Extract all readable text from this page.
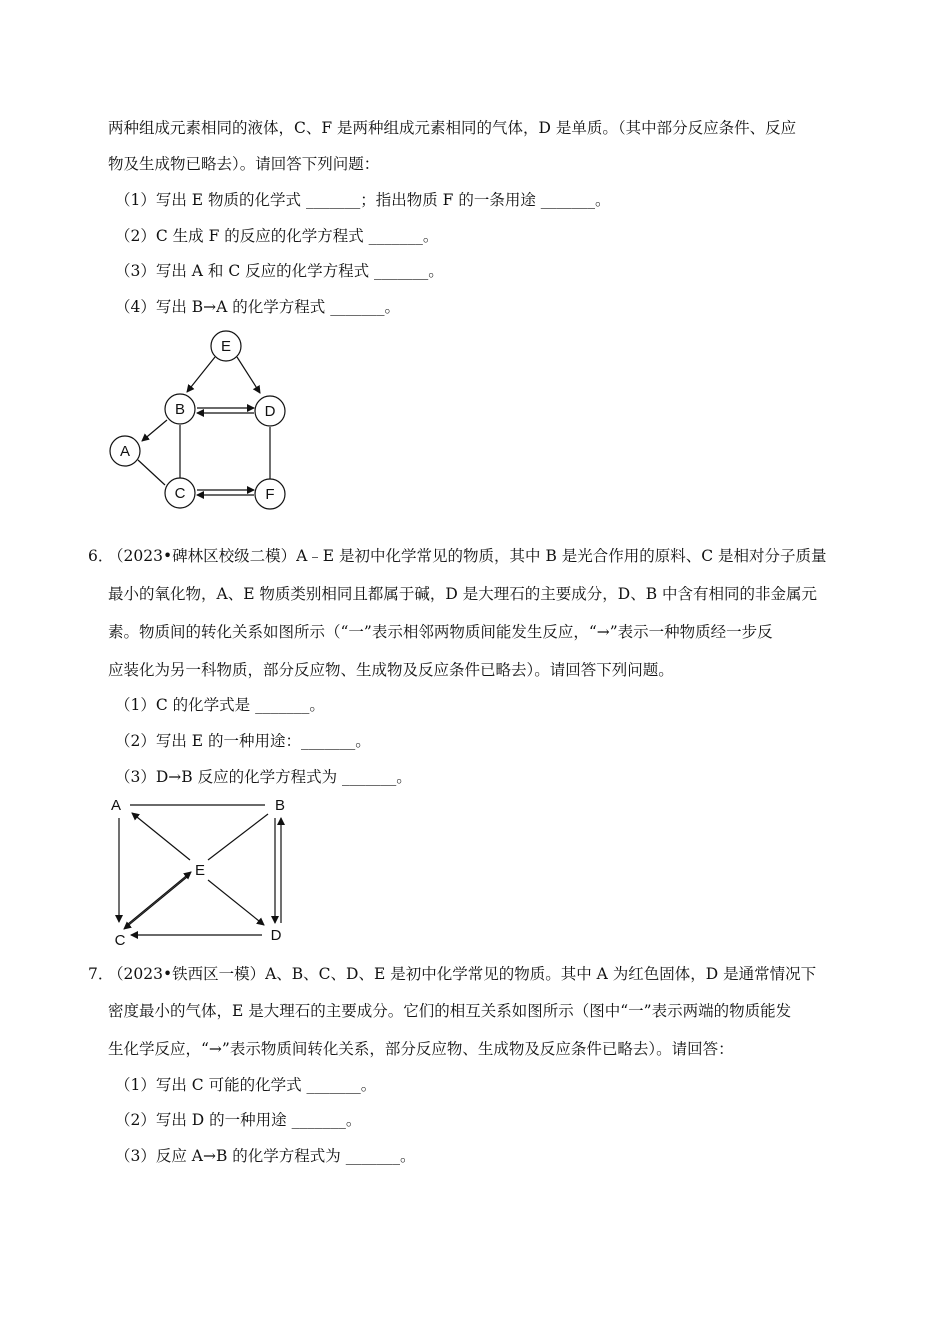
两种组成元素相同的液体，C、F 是两种组成元素相同的气体，D 是单质。（其中部分反应条件、反应
物及生成物已略去）。请回答下列问题：
（1）写出 E 物质的化学式 _______；指出物质 F 的一条用途 _______。
（2）C 生成 F 的反应的化学方程式 _______。
（3）写出 A 和 C 反应的化学方程式 _______。
（4）写出 B→A 的化学方程式 _______。
E
B	D
A
C	F
6．
（2023•碑林区校级二模）A﹣E 是初中化学常见的物质，其中 B 是光合作用的原料、C 是相对分子质量
最小的氧化物，A、E 物质类别相同且都属于碱，D 是大理石的主要成分，D、B 中含有相同的非金属元
素。物质间的转化关系如图所示（“一”表示相邻两物质间能发生反应，“→”表示一种物质经一步反
应装化为另一科物质，部分反应物、生成物及反应条件已略去）。请回答下列问题。
（1）C 的化学式是 _______。
（2）写出 E 的一种用途：_______。
（3）D→B 反应的化学方程式为 _______。
A	B
E
C	D
7．
（2023•铁西区一模）A、B、C、D、E 是初中化学常见的物质。其中 A 为红色固体，D 是通常情况下
密度最小的气体，E 是大理石的主要成分。它们的相互关系如图所示（图中“一”表示两端的物质能发
生化学反应，“→”表示物质间转化关系，部分反应物、生成物及反应条件已略去）。请回答：
（1）写出 C 可能的化学式 _______。
（2）写出 D 的一种用途 _______。
（3）反应 A→B 的化学方程式为 _______。
